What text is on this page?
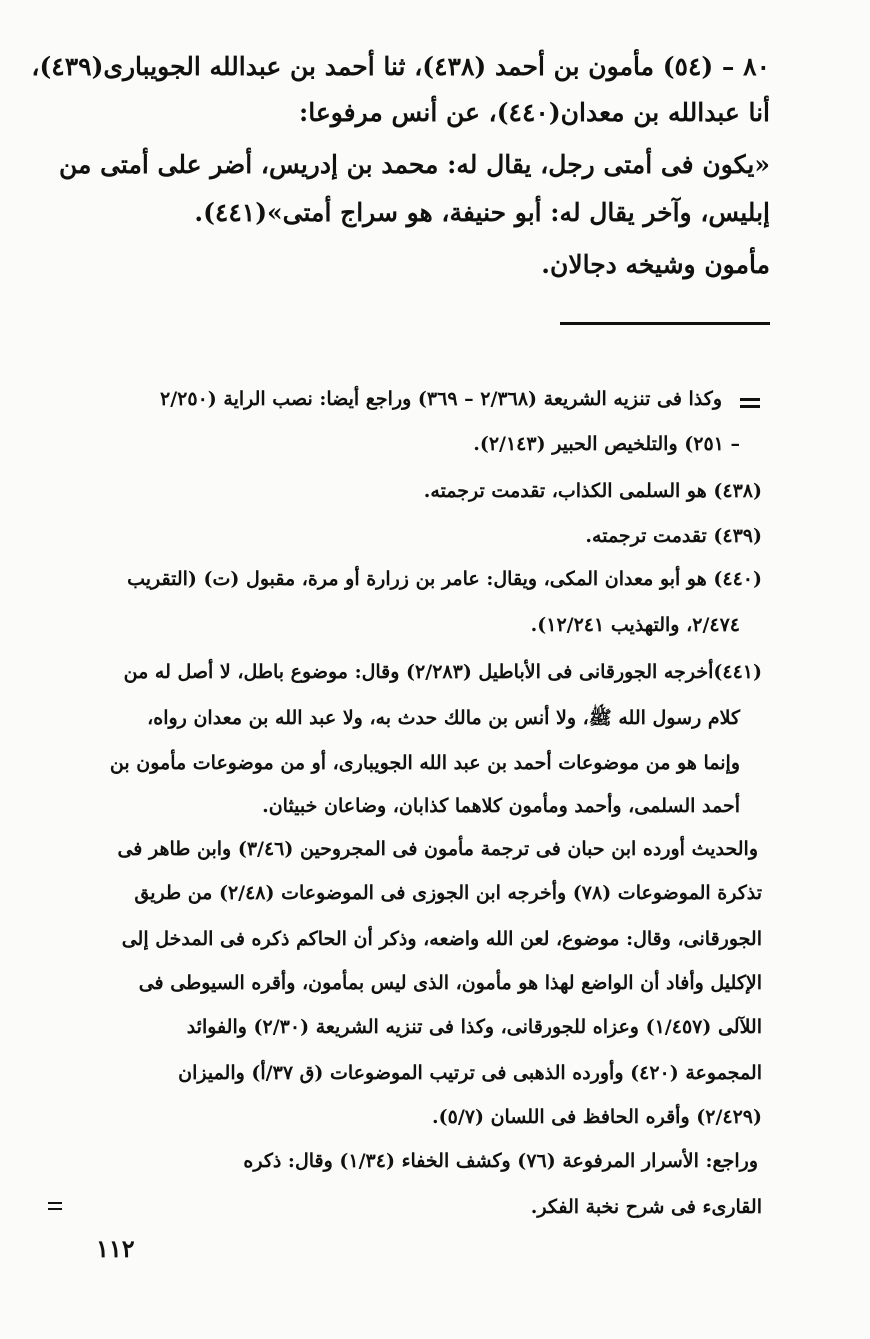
٨٠ – (٥٤) مأمون بن أحمد (٤٣٨)، ثنا أحمد بن عبدالله الجويبارى(٤٣٩)،
أنا عبدالله بن معدان(٤٤٠)، عن أنس مرفوعا:
«يكون فى أمتى رجل، يقال له: محمد بن إدريس، أضر على أمتى من
إبليس، وآخر يقال له: أبو حنيفة، هو سراج أمتى»(٤٤١).
مأمون وشيخه دجالان.
وكذا فى تنزيه الشريعة (٢/٣٦٨ – ٣٦٩) وراجع أيضا: نصب الراية (٢/٢٥٠
– ٢٥١) والتلخيص الحبير (٢/١٤٣).
(٤٣٨) هو السلمى الكذاب، تقدمت ترجمته.
(٤٣٩) تقدمت ترجمته.
(٤٤٠) هو أبو معدان المكى، ويقال: عامر بن زرارة أو مرة، مقبول (ت) (التقريب
٢/٤٧٤، والتهذيب ١٢/٢٤١).
(٤٤١)أخرجه الجورقانى فى الأباطيل (٢/٢٨٣) وقال: موضوع باطل، لا أصل له من
كلام رسول الله ﷺ، ولا أنس بن مالك حدث به، ولا عبد الله بن معدان رواه،
وإنما هو من موضوعات أحمد بن عبد الله الجويبارى، أو من موضوعات مأمون بن
أحمد السلمى، وأحمد ومأمون كلاهما كذابان، وضاعان خبيثان.
والحديث أورده ابن حبان فى ترجمة مأمون فى المجروحين (٣/٤٦) وابن طاهر فى
تذكرة الموضوعات (٧٨) وأخرجه ابن الجوزى فى الموضوعات (٢/٤٨) من طريق
الجورقانى، وقال: موضوع، لعن الله واضعه، وذكر أن الحاكم ذكره فى المدخل إلى
الإكليل وأفاد أن الواضع لهذا هو مأمون، الذى ليس بمأمون، وأقره السيوطى فى
اللآلى (١/٤٥٧) وعزاه للجورقانى، وكذا فى تنزيه الشريعة (٢/٣٠) والفوائد
المجموعة (٤٢٠) وأورده الذهبى فى ترتيب الموضوعات (ق ٣٧/أ) والميزان
(٢/٤٢٩) وأقره الحافظ فى اللسان (٥/٧).
وراجع: الأسرار المرفوعة (٧٦) وكشف الخفاء (١/٣٤) وقال: ذكره
القارىء فى شرح نخبة الفكر.
١١٢
